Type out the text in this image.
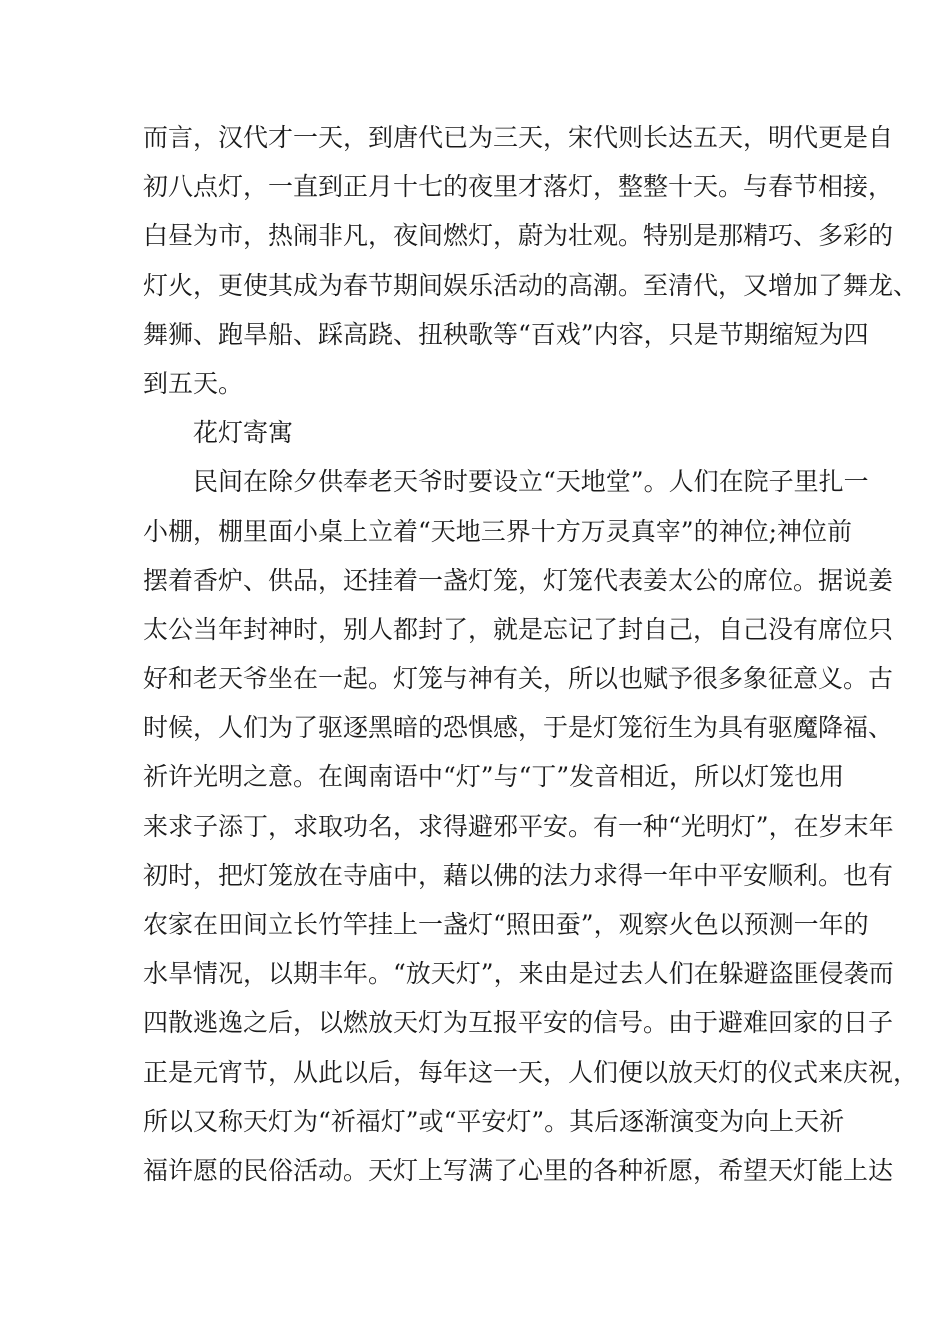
而言，汉代才一天，到唐代已为三天，宋代则长达五天，明代更是自
初八点灯，一直到正月十七的夜里才落灯，整整十天。与春节相接，
白昼为市，热闹非凡，夜间燃灯，蔚为壮观。特别是那精巧、多彩的
灯火，更使其成为春节期间娱乐活动的高潮。至清代，又增加了舞龙、
舞狮、跑旱船、踩高跷、扭秧歌等“百戏”内容，只是节期缩短为四
到五天。
花灯寄寓
民间在除夕供奉老天爷时要设立“天地堂”。人们在院子里扎一
小棚，棚里面小桌上立着“天地三界十方万灵真宰”的神位;神位前
摆着香炉、供品，还挂着一盏灯笼，灯笼代表姜太公的席位。据说姜
太公当年封神时，别人都封了，就是忘记了封自己，自己没有席位只
好和老天爷坐在一起。灯笼与神有关，所以也赋予很多象征意义。古
时候，人们为了驱逐黑暗的恐惧感，于是灯笼衍生为具有驱魔降福、
祈许光明之意。在闽南语中“灯”与“丁”发音相近，所以灯笼也用
来求子添丁，求取功名，求得避邪平安。有一种“光明灯”，在岁末年
初时，把灯笼放在寺庙中，藉以佛的法力求得一年中平安顺利。也有
农家在田间立长竹竿挂上一盏灯“照田蚕”，观察火色以预测一年的
水旱情况，以期丰年。“放天灯”，来由是过去人们在躲避盗匪侵袭而
四散逃逸之后，以燃放天灯为互报平安的信号。由于避难回家的日子
正是元宵节，从此以后，每年这一天，人们便以放天灯的仪式来庆祝，
所以又称天灯为“祈福灯”或“平安灯”。其后逐渐演变为向上天祈
福许愿的民俗活动。天灯上写满了心里的各种祈愿，希望天灯能上达
